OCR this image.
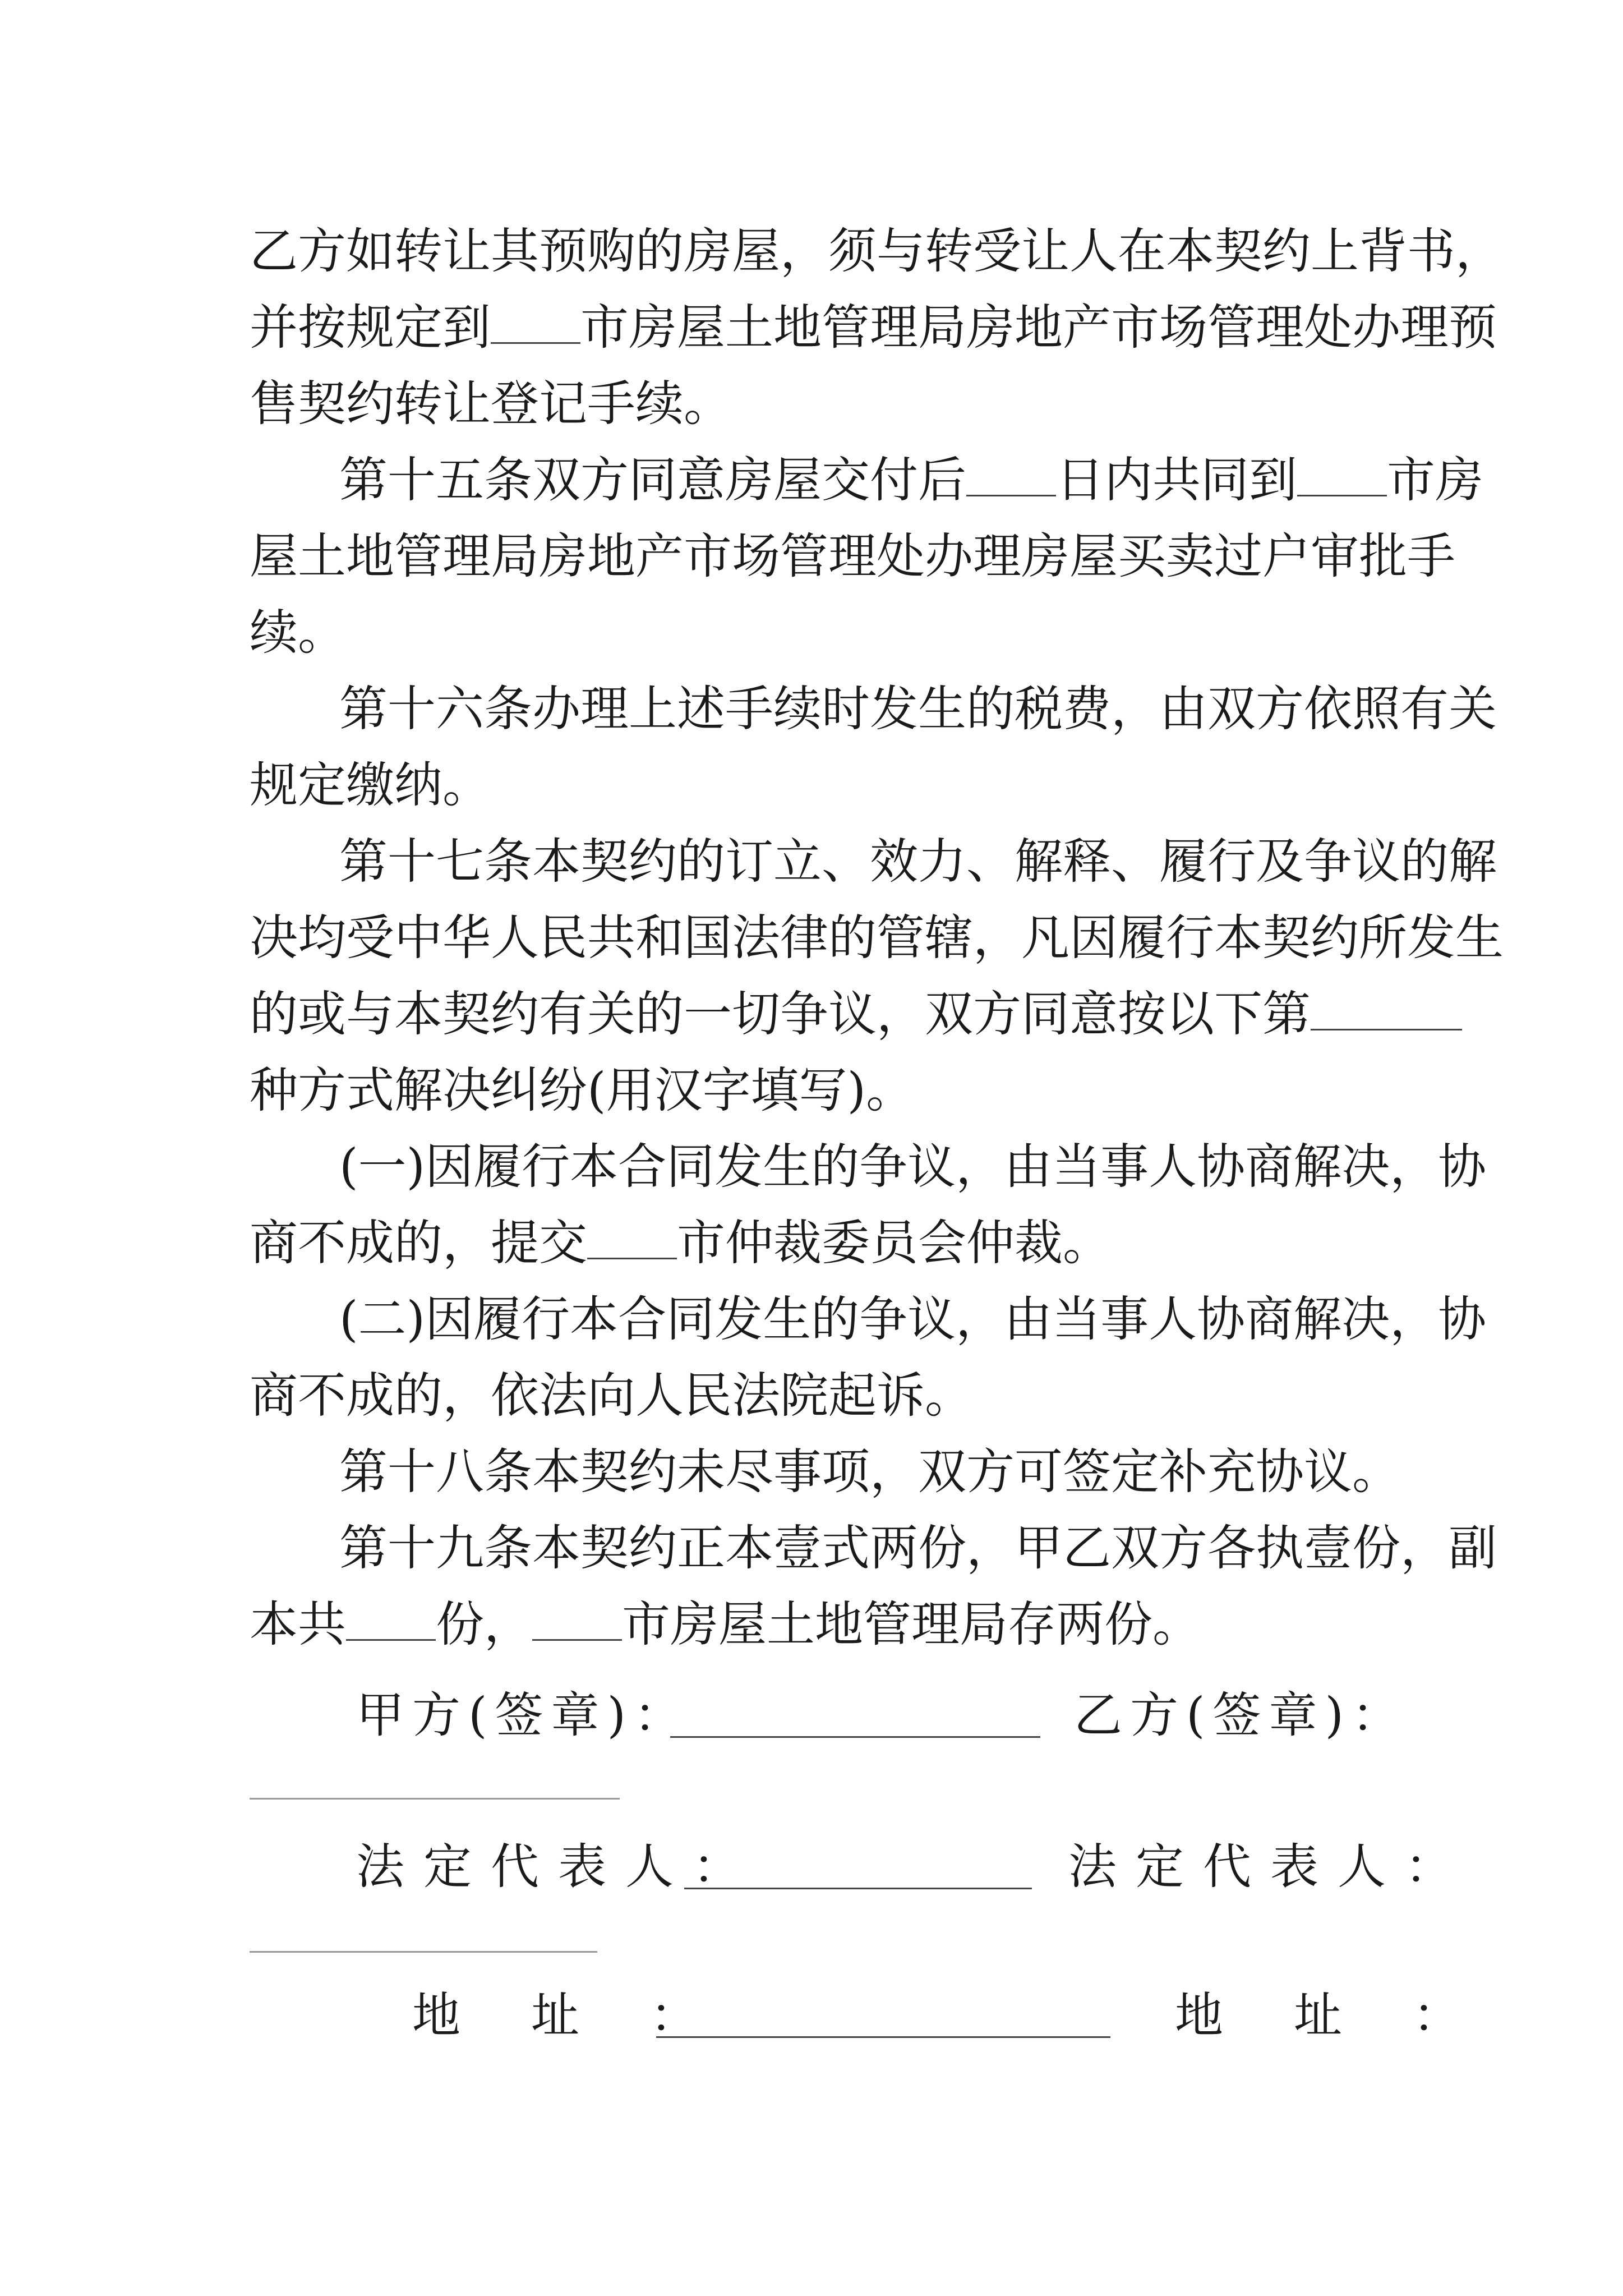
乙方如转让其预购的房屋，须与转受让人在本契约上背书，
并按规定到 市房屋土地管理局房地产市场管理处办理预
售契约转让登记手续。
第十五条双方同意房屋交付后 日内共同到 市房
屋土地管理局房地产市场管理处办理房屋买卖过户审批手
续。
第十六条办理上述手续时发生的税费，由双方依照有关
规定缴纳。
第十七条本契约的订立、效力、解释、履行及争议的解
决均受中华人民共和国法律的管辖，凡因履行本契约所发生
的或与本契约有关的一切争议，双方同意按以下第
种方式解决纠纷(用汉字填写)。
(一)因履行本合同发生的争议，由当事人协商解决，协
商不成的，提交 市仲裁委员会仲裁。
(二)因履行本合同发生的争议，由当事人协商解决，协
商不成的，依法向人民法院起诉。
第十八条本契约未尽事项，双方可签定补充协议。
第十九条本契约正本壹式两份，甲乙双方各执壹份，副
本共 份， 市房屋土地管理局存两份。
甲方(签章)：	乙方(签章)：
法定代表人：	法定代表人：
地　址　：	地　址　：
